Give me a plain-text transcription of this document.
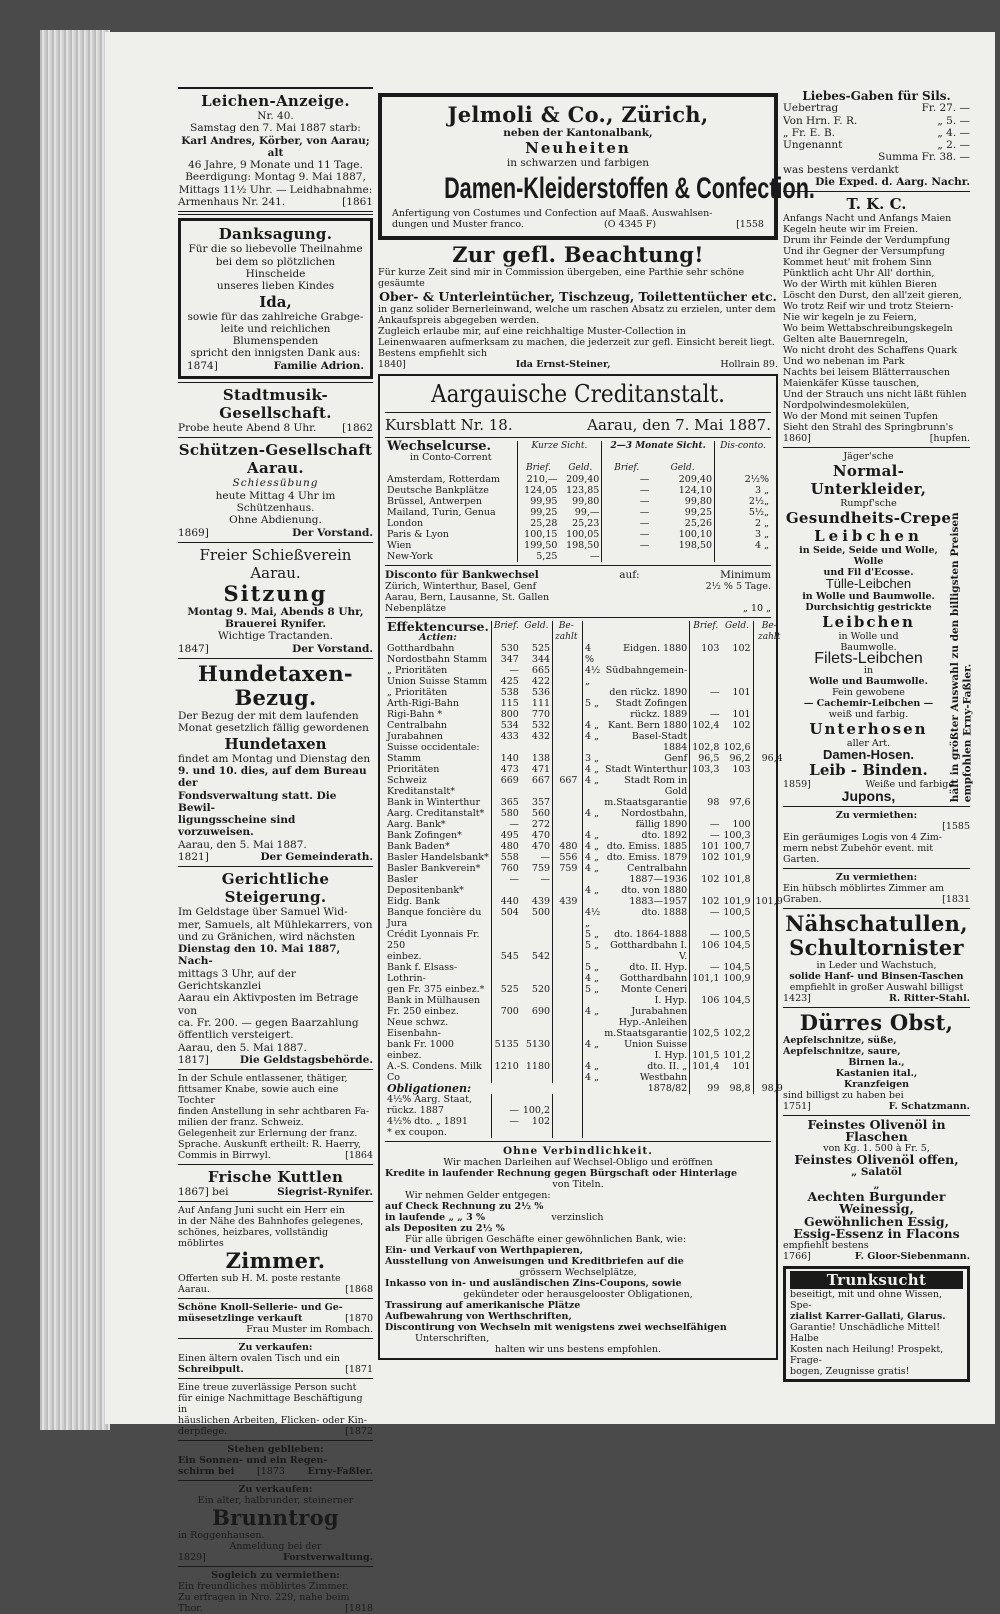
Leichen-Anzeige.
Nr. 40.
Samstag den 7. Mai 1887 starb:
Karl Andres, Körber, von Aarau; alt
46 Jahre, 9 Monate und 11 Tage.
Beerdigung: Montag 9. Mai 1887,
Mittags 11½ Uhr. — Leidhabnahme:
Armenhaus Nr. 241.	[1861
Danksagung.
Für die so liebevolle Theilnahme
bei dem so plötzlichen Hinscheide
unseres lieben Kindes
Ida,
sowie für das zahlreiche Grabge-
leite und reichlichen Blumenspenden
spricht den innigsten Dank aus:
1874]	Familie Adrion.
Stadtmusik-Gesellschaft.
Probe heute Abend 8 Uhr. [1862
Schützen-Gesellschaft Aarau.
Schiessübung
heute Mittag 4 Uhr im Schützenhaus.
Ohne Abdienung.
1869]	Der Vorstand.
Freier Schießverein Aarau.
Sitzung
Montag 9. Mai, Abends 8 Uhr,
Brauerei Rynifer.
Wichtige Tractanden.
1847]	Der Vorstand.
Hundetaxen-Bezug.
Der Bezug der mit dem laufenden
Monat gesetzlich fällig gewordenen
Hundetaxen
findet am Montag und Dienstag den
9. und 10. dies, auf dem Bureau der
Fondsverwaltung statt. Die Bewil-
ligungsscheine sind vorzuweisen.
Aarau, den 5. Mai 1887.
1821]	Der Gemeinderath.
Gerichtliche Steigerung.
Im Geldstage über Samuel Wid-
mer, Samuels, alt Mühlekarrers, von
und zu Gränichen, wird nächsten
Dienstag den 10. Mai 1887, Nach-
mittags 3 Uhr, auf der Gerichtskanzlei
Aarau ein Aktivposten im Betrage von
ca. Fr. 200. — gegen Baarzahlung
öffentlich versteigert.
Aarau, den 5. Mai 1887.
1817]	Die Geldstagsbehörde.
In der Schule entlassener, thätiger,
fittsamer Knabe, sowie auch eine Tochter
finden Anstellung in sehr achtbaren Fa-
milien der franz. Schweiz.
Gelegenheit zur Erlernung der franz.
Sprache. Auskunft ertheilt: R. Haerry,
Commis in Birrwyl.	[1864
Frische Kuttlen
1867] bei	Siegrist-Rynifer.
Auf Anfang Juni sucht ein Herr ein
in der Nähe des Bahnhofes gelegenes,
schönes, heizbares, vollständig möblirtes
Zimmer.
Offerten sub H. M. poste restante
Aarau.	[1868
Schöne Knoll-Sellerie- und Ge-
müsesetzlinge verkauft	[1870
Frau Muster im Rombach.
Zu verkaufen:
Einen ältern ovalen Tisch und ein
Schreibpult.	[1871
Eine treue zuverlässige Person sucht
für einige Nachmittage Beschäftigung in
häuslichen Arbeiten, Flicken- oder Kin-
derpflege.	[1872
Stehen geblieben:
Ein Sonnen- und ein Regen-
schirm bei [1873 Erny-Faßler.
Zu verkaufen:
Ein alter, halbrunder, steinerner
Brunntrog
in Roggenhausen.
Anmeldung bei der
1829]	Forstverwaltung.
Sogleich zu vermiethen:
Ein freundliches möblirtes Zimmer.
Zu erfragen in Nro. 229, nahe beim
Thor.	[1818
Jelmoli & Co., Zürich,
neben der Kantonalbank,
Neuheiten
in schwarzen und farbigen
Damen-Kleiderstoffen & Confection.
Anfertigung von Costumes und Confection auf Maaß. Auswahlsen-
dungen und Muster franco.	(O 4345 F)	[1558
Zur gefl. Beachtung!
Für kurze Zeit sind mir in Commission übergeben, eine Parthie sehr schöne
gesäumte
Ober- & Unterleintücher, Tischzeug, Toilettentücher etc.
in ganz solider Bernerleinwand, welche um raschen Absatz zu erzielen, unter dem
Ankaufspreis abgegeben werden.
Zugleich erlaube mir, auf eine reichhaltige Muster-Collection in
Leinenwaaren aufmerksam zu machen, die jederzeit zur gefl. Einsicht bereit liegt.
Bestens empfiehlt sich
1840]	Ida Ernst-Steiner,	Hollrain 89.
Aargauische Creditanstalt.
Kursblatt Nr. 18.	Aarau, den 7. Mai 1887.
Wechselcurse.
in Conto-Corrent	Kurze Sicht.		2—3 Monate Sicht.		Dis-conto.
	Brief.	Geld.	Brief.	Geld.	
Amsterdam, Rotterdam	210,—	209,40	—	209,40	2½%
Deutsche Bankplätze	124,05	123,85	—	124,10	3 „
Brüssel, Antwerpen	99,95	99,80	—	99,80	2½„
Mailand, Turin, Genua	99,25	99,—	—	99,25	5½„
London	25,28	25,23	—	25,26	2 „
Paris & Lyon	100,15	100,05	—	100,10	3 „
Wien	199,50	198,50	—	198,50	4 „
New-York	5,25	—			
Disconto für Bankwechsel	auf:	Minimum
Zürich, Winterthur, Basel, Genf	2½ % 5 Tage.
Aarau, Bern, Lausanne, St. Gallen
Nebenplätze	„ 10 „
Effektencurse.
Actien:	Brief.	Geld.	Be-zahlt
Gotthardbahn	530	525	
Nordostbahn Stamm	347	344	
„ Prioritäten	—	665	
Union Suisse Stamm	425	422	
„ Prioritäten	538	536	
Arth-Rigi-Bahn	115	111	
Rigi-Bahn *	800	770	
Centralbahn	534	532	
Jurabahnen	433	432	
Suisse occidentale:			
Stamm	140	138	
Prioritäten	473	471	
Schweiz Kreditanstalt*	669	667	667
Bank in Winterthur	365	357	
Aarg. Creditanstalt*	580	560	
Aarg. Bank*	—	272	
Bank Zofingen*	495	470	
Bank Baden*	480	470	480
Basler Handelsbank*	558	—	556
Basler Bankverein*	760	759	759
Basler Depositenbank*	—	—	
Eidg. Bank	440	439	439
Banque foncière du Jura	504	500	
Crédit Lyonnais Fr. 250			
einbez.	545	542	
Bank f. Elsass-Lothrin-			
gen Fr. 375 einbez.*	525	520	
Bank in Mülhausen			
Fr. 250 einbez.	700	690	
Neue schwz. Eisenbahn-			
bank Fr. 1000 einbez.	5135	5130	
A.-S. Condens. Milk Co	1210	1180	
Obligationen:			
4½% Aarg. Staat,			
rückz. 1887	—	100,2	
4½% dto. „ 1891	—	102	
* ex coupon.			
		Brief.	Geld.	Be-zahlt
4 %	Eidgen. 1880	103	102	
4½ „	Südbahngemein-			
	den rückz. 1890	—	101	
5 „	Stadt Zofingen			
	rückz. 1889	—	101	
4 „	Kant. Bern 1880	102,4	102	
4 „	Basel-Stadt			
	1884	102,8	102,6	
3 „	Genf	96,5	96,2	96,4
4 „	Stadt Winterthur	103,3	103	
4 „	Stadt Rom in Gold			
	m.Staatsgarantie	98	97,6	
4 „	Nordostbahn,			
	fällig 1890	—	100	
4 „	dto. 1892	—	100,3	
4 „	dto. Emiss. 1885	101	100,7	
4 „	dto. Emiss. 1879	102	101,9	
4 „	Centralbahn			
	1887—1936	102	101,8	
4 „	dto. von 1880			
	1883—1957	102	101,9	101,9
4½ „	dto. 1888	—	100,5	
5 „	dto. 1864-1888	—	100,5	
5 „	Gotthardbahn I. V.	106	104,5	
5 „	dto. II. Hyp.	—	104,5	
4 „	Gotthardbahn	101,1	100,9	
5 „	Monte Ceneri			
	I. Hyp.	106	104,5	
4 „	Jurabahnen			
	Hyp.-Anleihen			
	m.Staatsgarantie	102,5	102,2	
4 „	Union Suisse			
	I. Hyp.	101,5	101,2	
4 „	dto. II. „	101,4	101	
4 „	Westbahn			
	1878/82	99	98,8	98,9
Ohne Verbindlichkeit.
Wir machen Darleihen auf Wechsel-Obligo und eröffnen
Kredite in laufender Rechnung gegen Bürgschaft oder Hinterlage
von Titeln.
Wir nehmen Gelder entgegen:
auf Check Rechnung zu 2½ %
in laufende „ „ 3 %
als Depositen zu 2½ %
verzinslich
Für alle übrigen Geschäfte einer gewöhnlichen Bank, wie:
Ein- und Verkauf von Werthpapieren,
Ausstellung von Anweisungen und Kreditbriefen auf die
grössern Wechselplätze,
Inkasso von in- und ausländischen Zins-Coupons, sowie
gekündeter oder herausgelooster Obligationen,
Trassirung auf amerikanische Plätze
Aufbewahrung von Werthschriften,
Discontirung von Wechseln mit wenigstens zwei wechselfähigen
Unterschriften,
halten wir uns bestens empfohlen.
Liebes-Gaben für Sils.
Uebertrag	Fr. 27. —
Von Hrn. F. R.	„ 5. —
„ Fr. E. B.	„ 4. —
Ungenannt	„ 2. —
Summa Fr. 38. —
was bestens verdankt
Die Exped. d. Aarg. Nachr.
T. K. C.
Anfangs Nacht und Anfangs Maien
Kegeln heute wir im Freien.
Drum ihr Feinde der Verdumpfung
Und ihr Gegner der Versumpfung
Kommet heut' mit frohem Sinn
Pünktlich acht Uhr All' dorthin,
Wo der Wirth mit kühlen Bieren
Löscht den Durst, den all'zeit gieren,
Wo trotz Reif wir und trotz Steiern-
Nie wir kegeln je zu Feiern,
Wo beim Wettabschreibungskegeln
Gelten alte Bauernregeln,
Wo nicht droht des Schaffens Quark
Und wo nebenan im Park
Nachts bei leisem Blätterrauschen
Maienkäfer Küsse tauschen,
Und der Strauch uns nicht läßt fühlen
Nordpolwindesmolekülen,
Wo der Mond mit seinen Tupfen
Sieht den Strahl des Springbrunn's
1860]	[hupfen.
hält in größter Auswahl zu den billigsten Preisen empfohlen Erny-Faßler.
Jäger'sche
Normal-Unterkleider,
Rumpf'sche
Gesundheits-Crepe
Leibchen
in Seide, Seide und Wolle, Wolle
und Fil d'Ecosse.
Tülle-Leibchen
in Wolle und Baumwolle.
Durchsichtig gestrickte
Leibchen
in Wolle und
Baumwolle.
Filets-Leibchen
in
Wolle und Baumwolle.
Fein gewobene
— Cachemir-Leibchen —
weiß und farbig.
Unterhosen
aller Art.
Damen-Hosen.
Leib - Binden.
1859]	Weiße und farbige
Jupons,
Zu vermiethen:
[1585
Ein geräumiges Logis von 4 Zim-
mern nebst Zubehör event. mit Garten.
Zu vermiethen:
Ein hübsch möblirtes Zimmer am
Graben.	[1831
Nähschatullen,
Schultornister
in Leder und Wachstuch,
solide Hanf- und Binsen-Taschen
empfiehlt in großer Auswahl billigst
1423]	R. Ritter-Stahl.
Dürres Obst,
Aepfelschnitze, süße,
Aepfelschnitze, saure,
Birnen la.,
Kastanien ital.,
Kranzfeigen
sind billigst zu haben bei
1751]	F. Schatzmann.
Feinstes Olivenöl in Flaschen
von Kg. 1. 500 à Fr. 5,
Feinstes Olivenöl offen,
„ Salatöl
„
Aechten Burgunder Weinessig,
Gewöhnlichen Essig,
Essig-Essenz in Flacons
empfiehlt bestens
1766]	F. Gloor-Siebenmann.
Trunksucht
beseitigt, mit und ohne Wissen, Spe-
zialist Karrer-Gallati, Glarus.
Garantie! Unschädliche Mittel! Halbe
Kosten nach Heilung! Prospekt, Frage-
bogen, Zeugnisse gratis!
